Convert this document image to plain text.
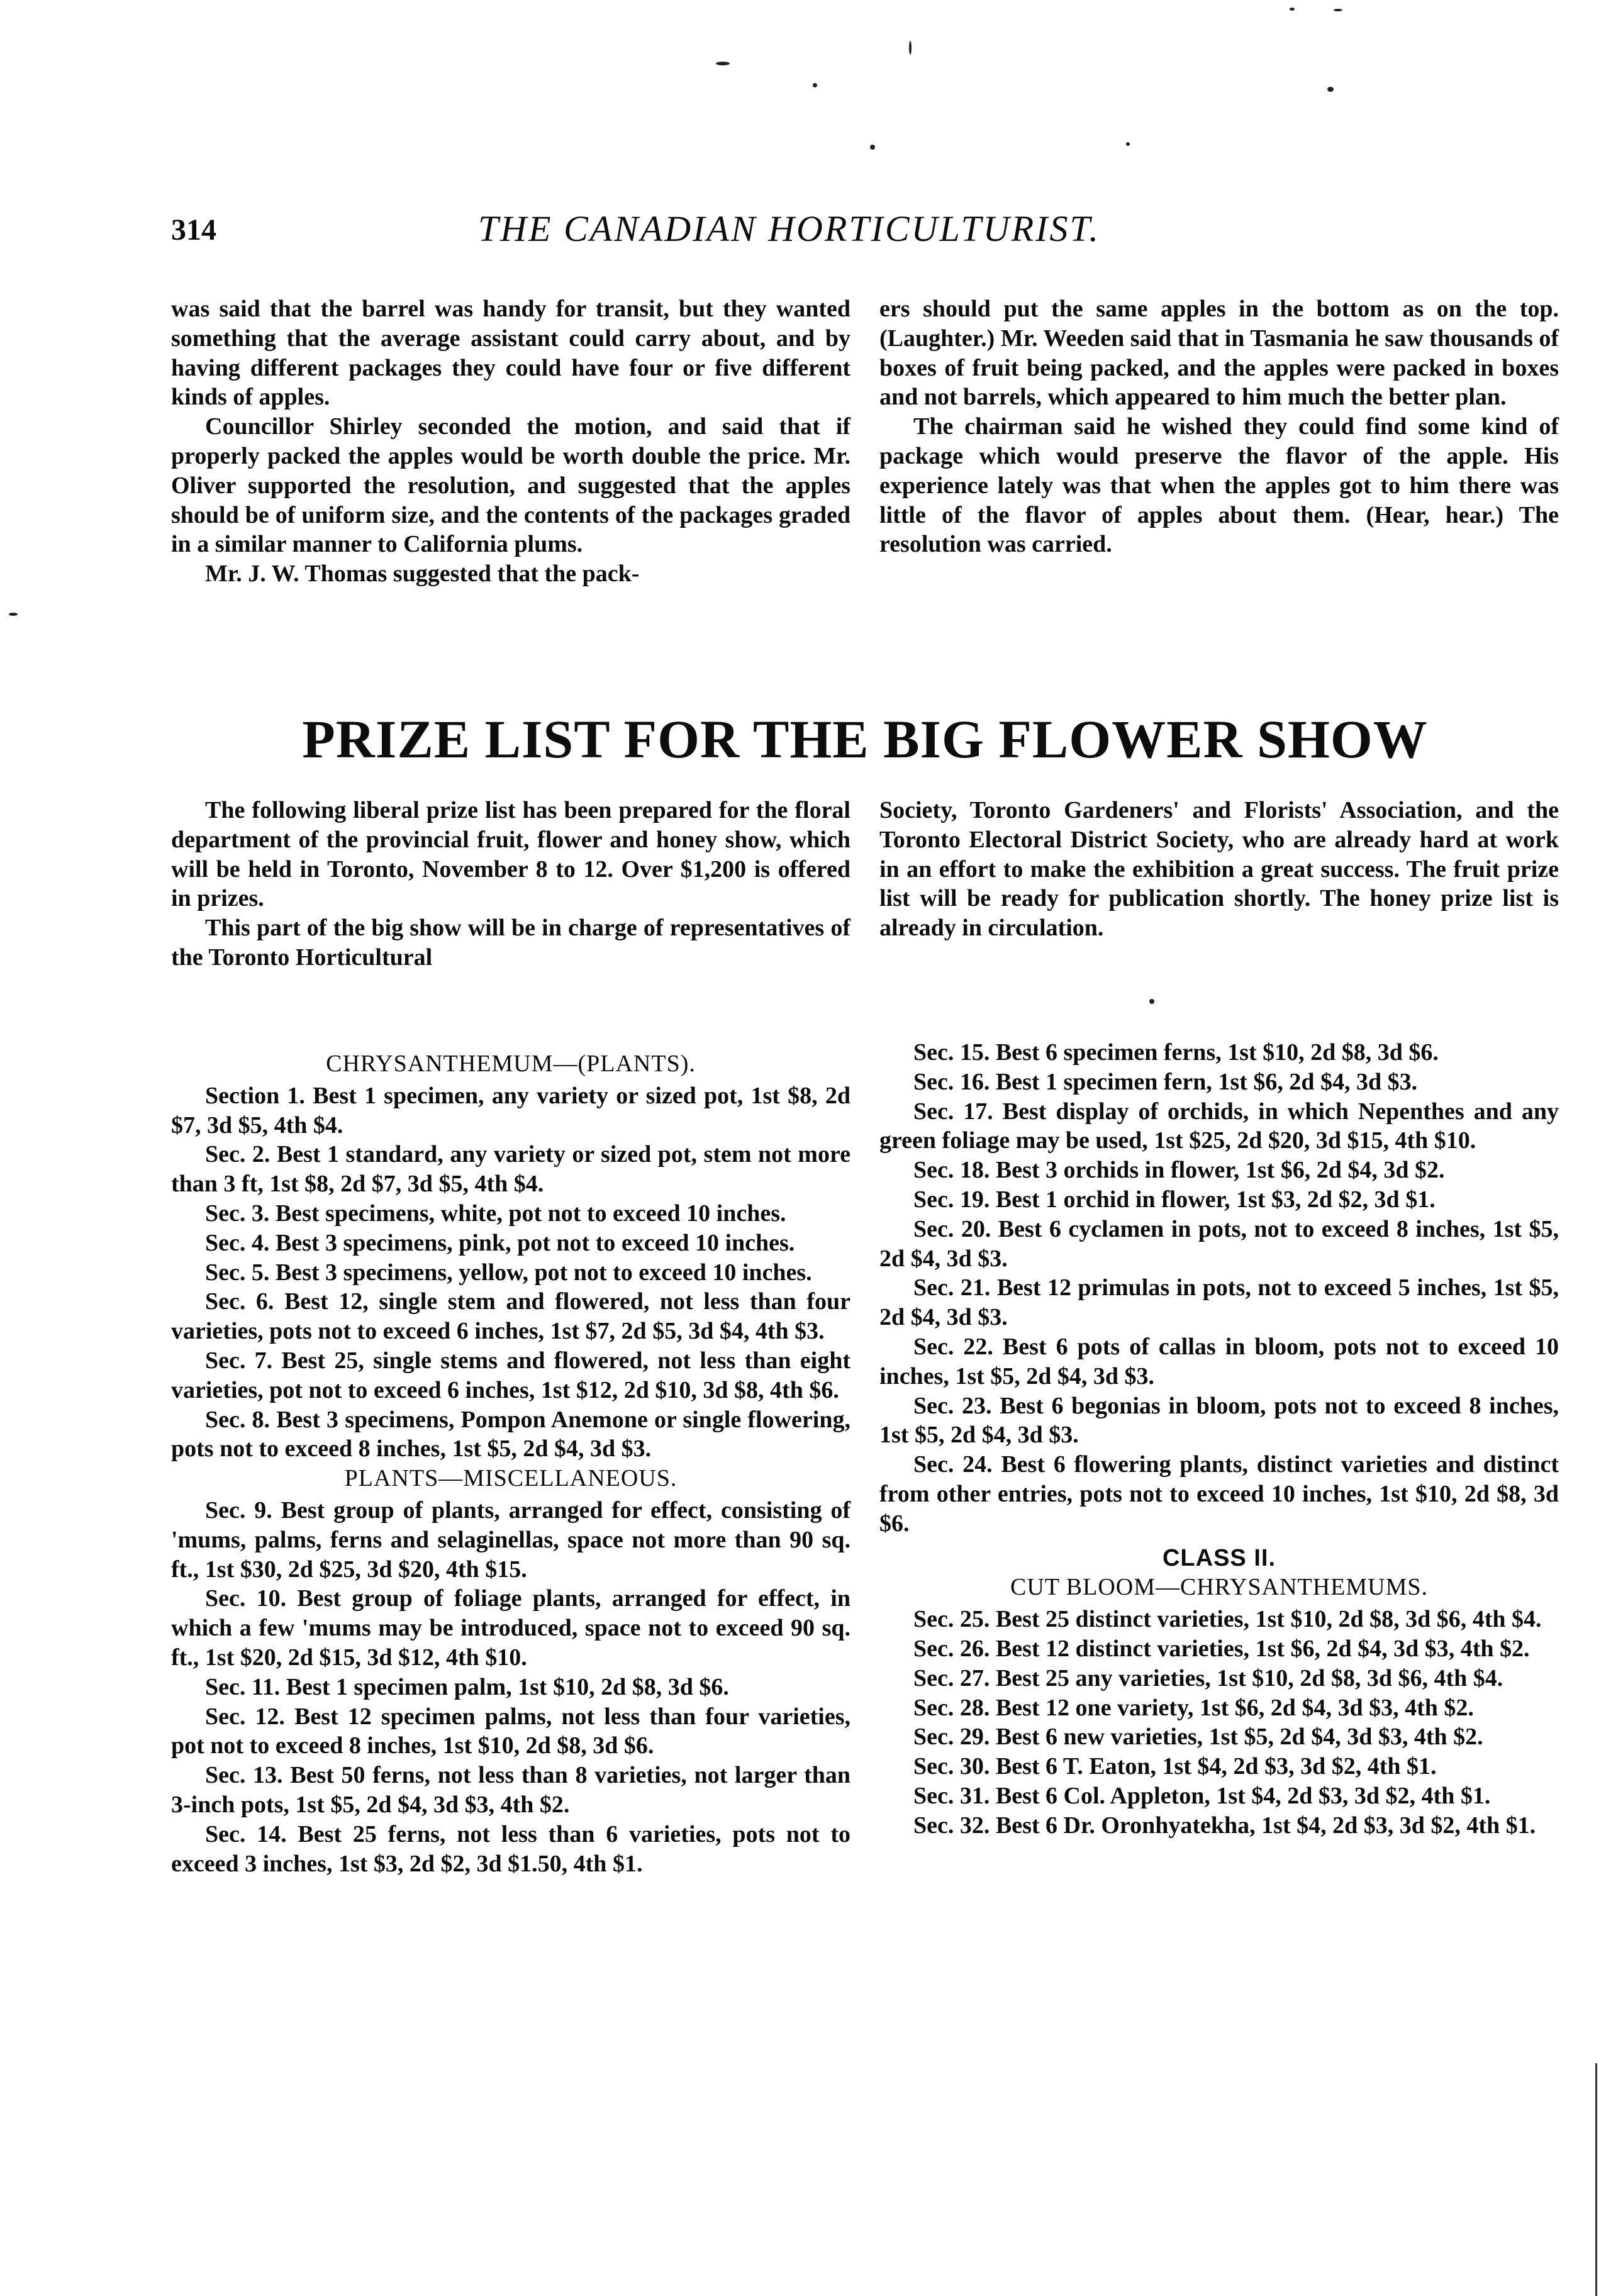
314	THE CANADIAN HORTICULTURIST.

was said that the barrel was handy for transit, but they wanted something that the average assistant could carry about, and by having different packages they could have four or five different kinds of apples.

Councillor Shirley seconded the motion, and said that if properly packed the apples would be worth double the price. Mr. Oliver supported the resolution, and suggested that the apples should be of uniform size, and the contents of the packages graded in a similar manner to California plums.

Mr. J. W. Thomas suggested that the pack-

ers should put the same apples in the bottom as on the top. (Laughter.) Mr. Weeden said that in Tasmania he saw thousands of boxes of fruit being packed, and the apples were packed in boxes and not barrels, which appeared to him much the better plan.

The chairman said he wished they could find some kind of package which would preserve the flavor of the apple. His experience lately was that when the apples got to him there was little of the flavor of apples about them. (Hear, hear.) The resolution was carried.

PRIZE LIST FOR THE BIG FLOWER SHOW

The following liberal prize list has been prepared for the floral department of the provincial fruit, flower and honey show, which will be held in Toronto, November 8 to 12. Over $1,200 is offered in prizes.

This part of the big show will be in charge of representatives of the Toronto Horticultural

Society, Toronto Gardeners' and Florists' Association, and the Toronto Electoral District Society, who are already hard at work in an effort to make the exhibition a great success. The fruit prize list will be ready for publication shortly. The honey prize list is already in circulation.

CHRYSANTHEMUM—(PLANTS).

Section 1. Best 1 specimen, any variety or sized pot, 1st $8, 2d $7, 3d $5, 4th $4.

Sec. 2. Best 1 standard, any variety or sized pot, stem not more than 3 ft, 1st $8, 2d $7, 3d $5, 4th $4.

Sec. 3. Best specimens, white, pot not to exceed 10 inches.

Sec. 4. Best 3 specimens, pink, pot not to exceed 10 inches.

Sec. 5. Best 3 specimens, yellow, pot not to exceed 10 inches.

Sec. 6. Best 12, single stem and flowered, not less than four varieties, pots not to exceed 6 inches, 1st $7, 2d $5, 3d $4, 4th $3.

Sec. 7. Best 25, single stems and flowered, not less than eight varieties, pot not to exceed 6 inches, 1st $12, 2d $10, 3d $8, 4th $6.

Sec. 8. Best 3 specimens, Pompon Anemone or single flowering, pots not to exceed 8 inches, 1st $5, 2d $4, 3d $3.

PLANTS—MISCELLANEOUS.

Sec. 9. Best group of plants, arranged for effect, consisting of 'mums, palms, ferns and selaginellas, space not more than 90 sq. ft., 1st $30, 2d $25, 3d $20, 4th $15.

Sec. 10. Best group of foliage plants, arranged for effect, in which a few 'mums may be introduced, space not to exceed 90 sq. ft., 1st $20, 2d $15, 3d $12, 4th $10.

Sec. 11. Best 1 specimen palm, 1st $10, 2d $8, 3d $6.

Sec. 12. Best 12 specimen palms, not less than four varieties, pot not to exceed 8 inches, 1st $10, 2d $8, 3d $6.

Sec. 13. Best 50 ferns, not less than 8 varieties, not larger than 3-inch pots, 1st $5, 2d $4, 3d $3, 4th $2.

Sec. 14. Best 25 ferns, not less than 6 varieties, pots not to exceed 3 inches, 1st $3, 2d $2, 3d $1.50, 4th $1.

Sec. 15. Best 6 specimen ferns, 1st $10, 2d $8, 3d $6.

Sec. 16. Best 1 specimen fern, 1st $6, 2d $4, 3d $3.

Sec. 17. Best display of orchids, in which Nepenthes and any green foliage may be used, 1st $25, 2d $20, 3d $15, 4th $10.

Sec. 18. Best 3 orchids in flower, 1st $6, 2d $4, 3d $2.

Sec. 19. Best 1 orchid in flower, 1st $3, 2d $2, 3d $1.

Sec. 20. Best 6 cyclamen in pots, not to exceed 8 inches, 1st $5, 2d $4, 3d $3.

Sec. 21. Best 12 primulas in pots, not to exceed 5 inches, 1st $5, 2d $4, 3d $3.

Sec. 22. Best 6 pots of callas in bloom, pots not to exceed 10 inches, 1st $5, 2d $4, 3d $3.

Sec. 23. Best 6 begonias in bloom, pots not to exceed 8 inches, 1st $5, 2d $4, 3d $3.

Sec. 24. Best 6 flowering plants, distinct varieties and distinct from other entries, pots not to exceed 10 inches, 1st $10, 2d $8, 3d $6.

CLASS II.

CUT BLOOM—CHRYSANTHEMUMS.

Sec. 25. Best 25 distinct varieties, 1st $10, 2d $8, 3d $6, 4th $4.

Sec. 26. Best 12 distinct varieties, 1st $6, 2d $4, 3d $3, 4th $2.

Sec. 27. Best 25 any varieties, 1st $10, 2d $8, 3d $6, 4th $4.

Sec. 28. Best 12 one variety, 1st $6, 2d $4, 3d $3, 4th $2.

Sec. 29. Best 6 new varieties, 1st $5, 2d $4, 3d $3, 4th $2.

Sec. 30. Best 6 T. Eaton, 1st $4, 2d $3, 3d $2, 4th $1.

Sec. 31. Best 6 Col. Appleton, 1st $4, 2d $3, 3d $2, 4th $1.

Sec. 32. Best 6 Dr. Oronhyatekha, 1st $4, 2d $3, 3d $2, 4th $1.
